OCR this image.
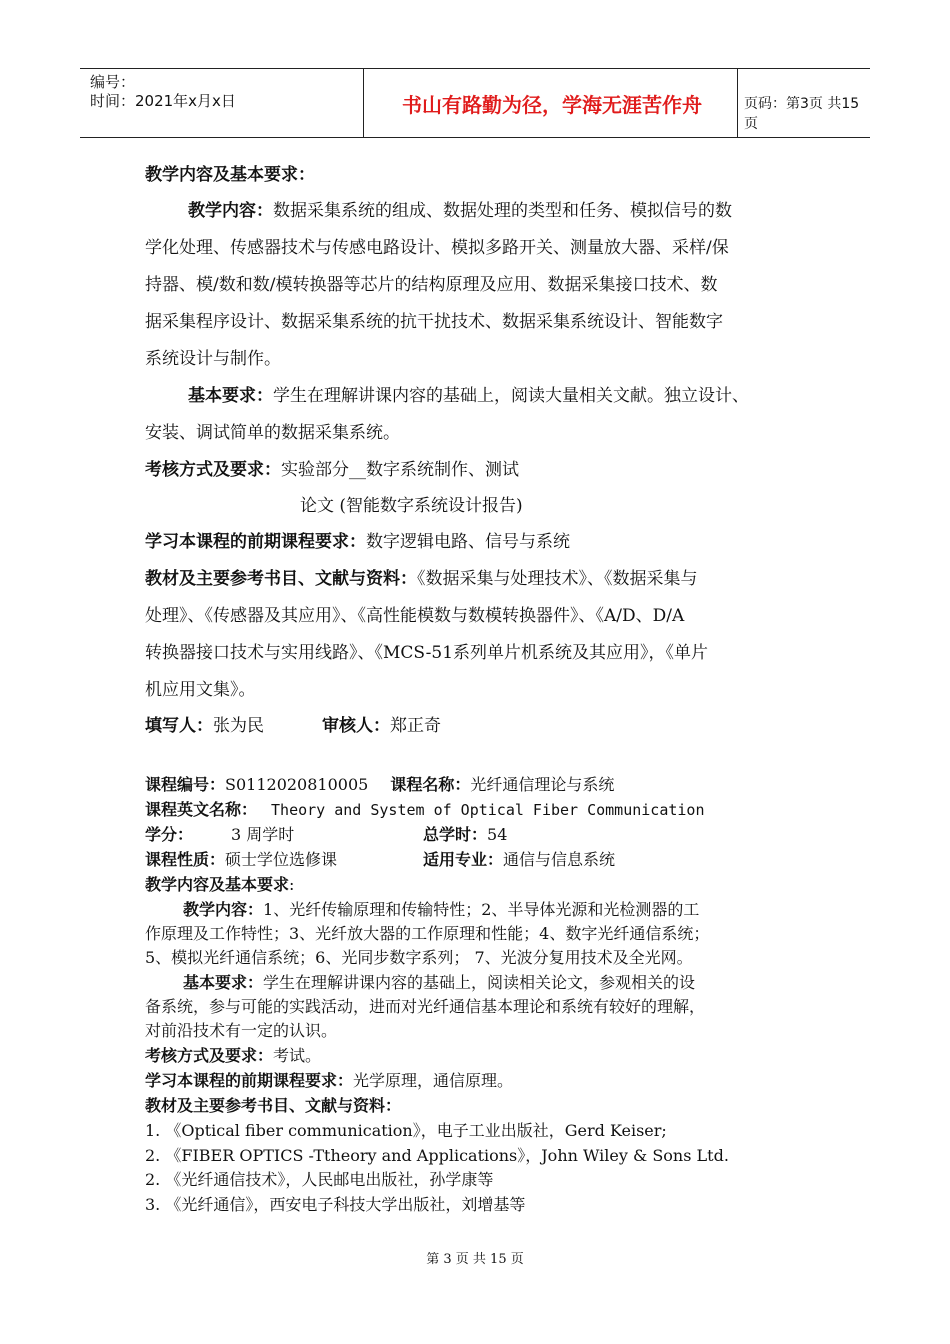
编号：
时间：2021年x月x日	书山有路勤为径，学海无涯苦作舟	页码：第3页 共15页
教学内容及基本要求：
教学内容：数据采集系统的组成、数据处理的类型和任务、模拟信号的数
学化处理、传感器技术与传感电路设计、模拟多路开关、测量放大器、采样/保
持器、模/数和数/模转换器等芯片的结构原理及应用、数据采集接口技术、数
据采集程序设计、数据采集系统的抗干扰技术、数据采集系统设计、智能数字
系统设计与制作。
基本要求：学生在理解讲课内容的基础上，阅读大量相关文献。独立设计、
安装、调试简单的数据采集系统。
考核方式及要求：实验部分__数字系统制作、测试
论文 (智能数字系统设计报告)
学习本课程的前期课程要求：数字逻辑电路、信号与系统
教材及主要参考书目、文献与资料：《数据采集与处理技术》、《数据采集与
处理》、《传感器及其应用》、《高性能模数与数模转换器件》、《A/D、D/A
转换器接口技术与实用线路》、《MCS-51系列单片机系统及其应用》，《单片
机应用文集》。
填写人：张为民	审核人：郑正奇
课程编号：S0112020810005 课程名称：光纤通信理论与系统
课程英文名称： Theory and System of Optical Fiber Communication
学分： 3 周学时	总学时：54
课程性质：硕士学位选修课	适用专业：通信与信息系统
教学内容及基本要求:
教学内容：1、光纤传输原理和传输特性；2、半导体光源和光检测器的工
作原理及工作特性；3、光纤放大器的工作原理和性能；4、数字光纤通信系统；
5、模拟光纤通信系统；6、光同步数字系列； 7、光波分复用技术及全光网。
基本要求：学生在理解讲课内容的基础上，阅读相关论文，参观相关的设
备系统，参与可能的实践活动，进而对光纤通信基本理论和系统有较好的理解，
对前沿技术有一定的认识。
考核方式及要求：考试。
学习本课程的前期课程要求：光学原理，通信原理。
教材及主要参考书目、文献与资料：
1. 《Optical fiber communication》，电子工业出版社，Gerd Keiser;
2. 《FIBER OPTICS -Ttheory and Applications》，John Wiley & Sons Ltd.
2. 《光纤通信技术》，人民邮电出版社，孙学康等
3. 《光纤通信》，西安电子科技大学出版社，刘增基等
第 3 页 共 15 页
